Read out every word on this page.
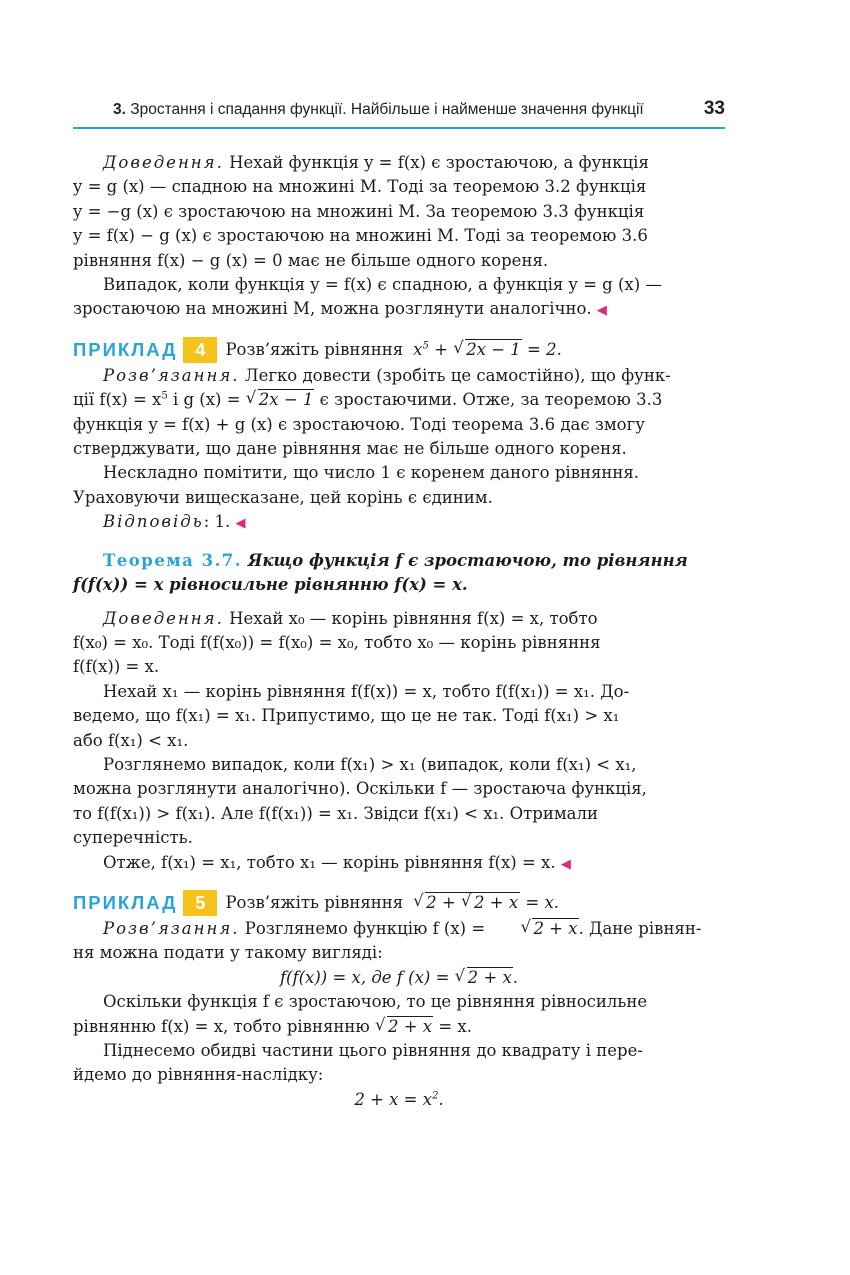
3. Зростання і спадання функції. Найбільше і найменше значення функції	33

Доведення. Нехай функція y = f(x) є зростаючою, а функція

y = g (x) — спадною на множині M. Тоді за теоремою 3.2 функція

y = −g (x) є зростаючою на множині M. За теоремою 3.3 функція

y = f(x) − g (x) є зростаючою на множині M. Тоді за теоремою 3.6

рівняння f(x) − g (x) = 0 має не більше одного кореня.

Випадок, коли функція y = f(x) є спадною, а функція y = g (x) —

зростаючою на множині M, можна розглянути аналогічно. ◀

ПРИКЛАД 4	Розв’яжіть рівняння $x^5$ + √ 2x − 1 = 2.

Розв’язання. Легко довести (зробіть це самостійно), що функ-

ції $f(x) = x^5$ і g (x) = √ 2x − 1 є зростаючими. Отже, за теоремою 3.3

функція y = f(x) + g (x) є зростаючою. Тоді теорема 3.6 дає змогу

стверджувати, що дане рівняння має не більше одного кореня.

Нескладно помітити, що число 1 є коренем даного рівняння.

Ураховуючи вищесказане, цей корінь є єдиним.

Відповідь: 1. ◀

Теорема 3.7. Якщо функція f є зростаючою, то рівняння

f(f(x)) = x рівносильне рівнянню f(x) = x.

Доведення. Нехай x₀ — корінь рівняння f(x) = x, тобто

f(x₀) = x₀. Тоді f(f(x₀)) = f(x₀) = x₀, тобто x₀ — корінь рівняння

f(f(x)) = x.

Нехай x₁ — корінь рівняння f(f(x)) = x, тобто f(f(x₁)) = x₁. До-

ведемо, що f(x₁) = x₁. Припустимо, що це не так. Тоді f(x₁) > x₁

або f(x₁) < x₁.

Розглянемо випадок, коли f(x₁) > x₁ (випадок, коли f(x₁) < x₁,

можна розглянути аналогічно). Оскільки f — зростаюча функція,

то f(f(x₁)) > f(x₁). Але f(f(x₁)) = x₁. Звідси f(x₁) < x₁. Отримали

суперечність.

Отже, f(x₁) = x₁, тобто x₁ — корінь рівняння f(x) = x. ◀

ПРИКЛАД 5	Розв’яжіть рівняння	√ 2 + √ 2 + x = x.

Розв’язання. Розглянемо функцію f (x) =	√ 2 + x. Дане рівнян-

ня можна подати у такому вигляді:

f(f(x)) = x, де f (x) = √ 2 + x.

Оскільки функція f є зростаючою, то це рівняння рівносильне

рівнянню f(x) = x, тобто рівнянню √ 2 + x = x.

Піднесемо обидві частини цього рівняння до квадрату і пере-

йдемо до рівняння-наслідку:

$2 + x = x^2$.
